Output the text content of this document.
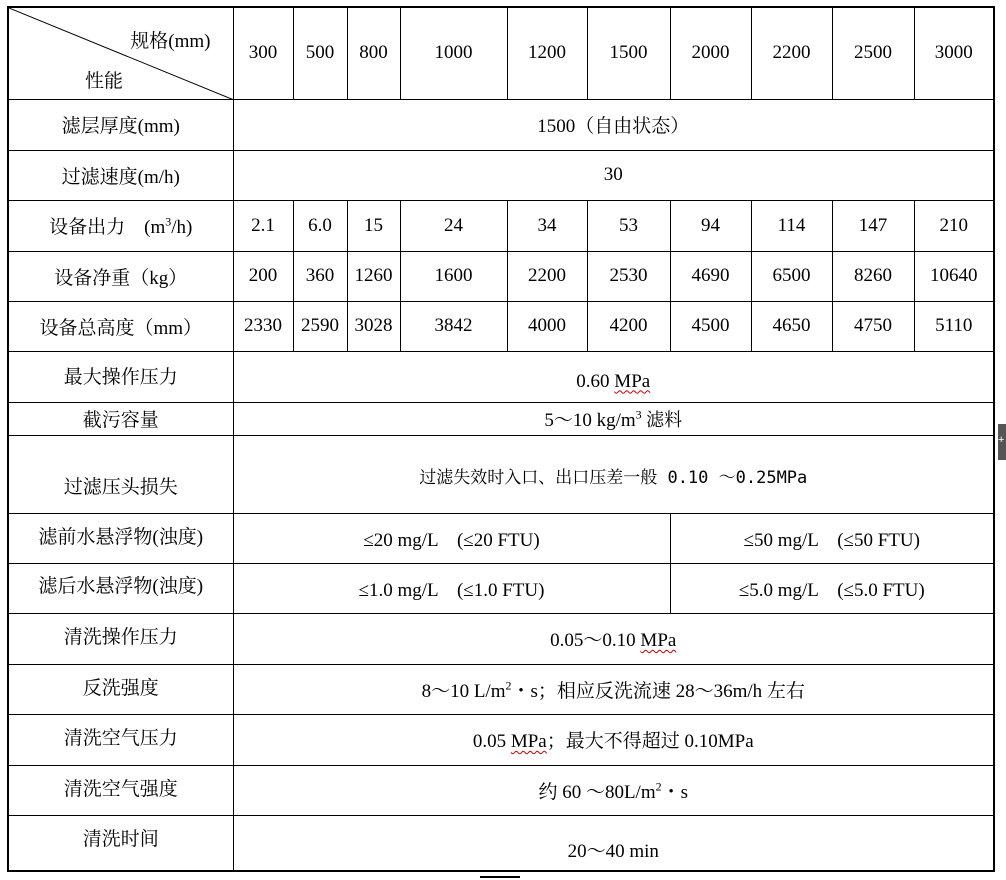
规格(mm)
性能	300	500	800	1000	1200	1500	2000	2200	2500	3000
滤层厚度(mm)	1500（自由状态）									
过滤速度(m/h)	30									
设备出力　$(m^3/h)$	2.1	6.0	15	24	34	53	94	114	147	210
设备净重（kg）	200	360	1260	1600	2200	2530	4690	6500	8260	10640
设备总高度（mm）	2330	2590	3028	3842	4000	4200	4500	4650	4750	5110
最大操作压力	0.60 MPa									
截污容量	5～10 $kg/m^3$ 滤料									
过滤压头损失	过滤失效时入口、出口压差一般 0.10 ～0.25MPa									
滤前水悬浮物(浊度)	≤20 mg/L　(≤20 FTU)						≤50 mg/L　(≤50 FTU)			
滤后水悬浮物(浊度)	≤1.0 mg/L　(≤1.0 FTU)						≤5.0 mg/L　(≤5.0 FTU)			
清洗操作压力	0.05～0.10 MPa									
反洗强度	8～10 $L/m^2$・s；相应反洗流速 28～36m/h 左右									
清洗空气压力	0.05 MPa；最大不得超过 0.10MPa									
清洗空气强度	约 60 $\sim 80L/m^2$・s									
清洗时间	20～40 min									
+
